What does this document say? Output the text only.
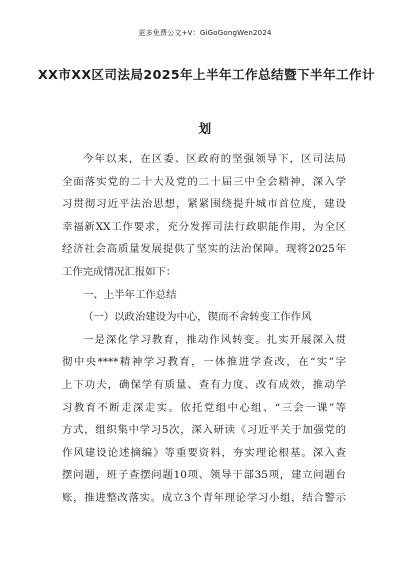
更多免费公文+V：GiGoGongWen2024
XX市XX区司法局2025年上半年工作总结暨下半年工作计
划
今年以来，在区委、区政府的坚强领导下，区司法局
全面落实党的二十大及党的二十届三中全会精神，深入学
习贯彻习近平法治思想，紧紧围绕提升城市首位度，建设
幸福新XX工作要求，充分发挥司法行政职能作用，为全区
经济社会高质量发展提供了坚实的法治保障。现将2025年
工作完成情况汇报如下：
一、上半年工作总结
（一）以政治建设为中心，锲而不舍转变工作作风
一是深化学习教育，推动作风转变。扎实开展深入贯
彻中央****精神学习教育，一体推进学查改，在“实”字
上下功夫，确保学有质量、查有力度、改有成效，推动学
习教育不断走深走实。依托党组中心组、“三会一课”等
方式，组织集中学习5次，深入研读《习近平关于加强党的
作风建设论述摘编》等重要资料，夯实理论根基。深入查
摆问题，班子查摆问题10项、领导干部35项，建立问题台
账，推进整改落实。成立3个青年理论学习小组，结合警示
